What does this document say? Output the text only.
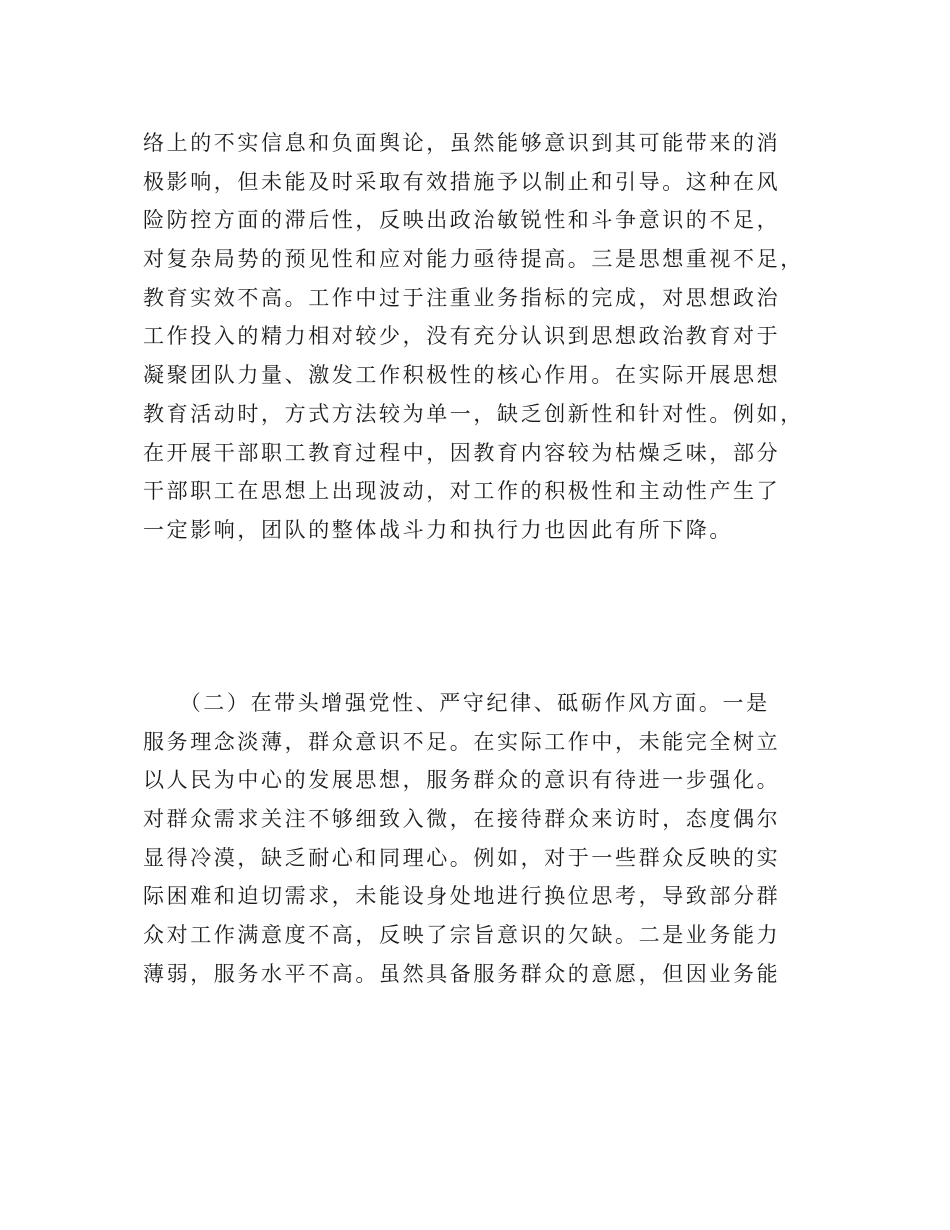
络上的不实信息和负面舆论，虽然能够意识到其可能带来的消
极影响，但未能及时采取有效措施予以制止和引导。这种在风
险防控方面的滞后性，反映出政治敏锐性和斗争意识的不足，
对复杂局势的预见性和应对能力亟待提高。三是思想重视不足，
教育实效不高。工作中过于注重业务指标的完成，对思想政治
工作投入的精力相对较少，没有充分认识到思想政治教育对于
凝聚团队力量、激发工作积极性的核心作用。在实际开展思想
教育活动时，方式方法较为单一，缺乏创新性和针对性。例如，
在开展干部职工教育过程中，因教育内容较为枯燥乏味，部分
干部职工在思想上出现波动，对工作的积极性和主动性产生了
一定影响，团队的整体战斗力和执行力也因此有所下降。
　　（二）在带头增强党性、严守纪律、砥砺作风方面。一是
服务理念淡薄，群众意识不足。在实际工作中，未能完全树立
以人民为中心的发展思想，服务群众的意识有待进一步强化。
对群众需求关注不够细致入微，在接待群众来访时，态度偶尔
显得冷漠，缺乏耐心和同理心。例如，对于一些群众反映的实
际困难和迫切需求，未能设身处地进行换位思考，导致部分群
众对工作满意度不高，反映了宗旨意识的欠缺。二是业务能力
薄弱，服务水平不高。虽然具备服务群众的意愿，但因业务能
